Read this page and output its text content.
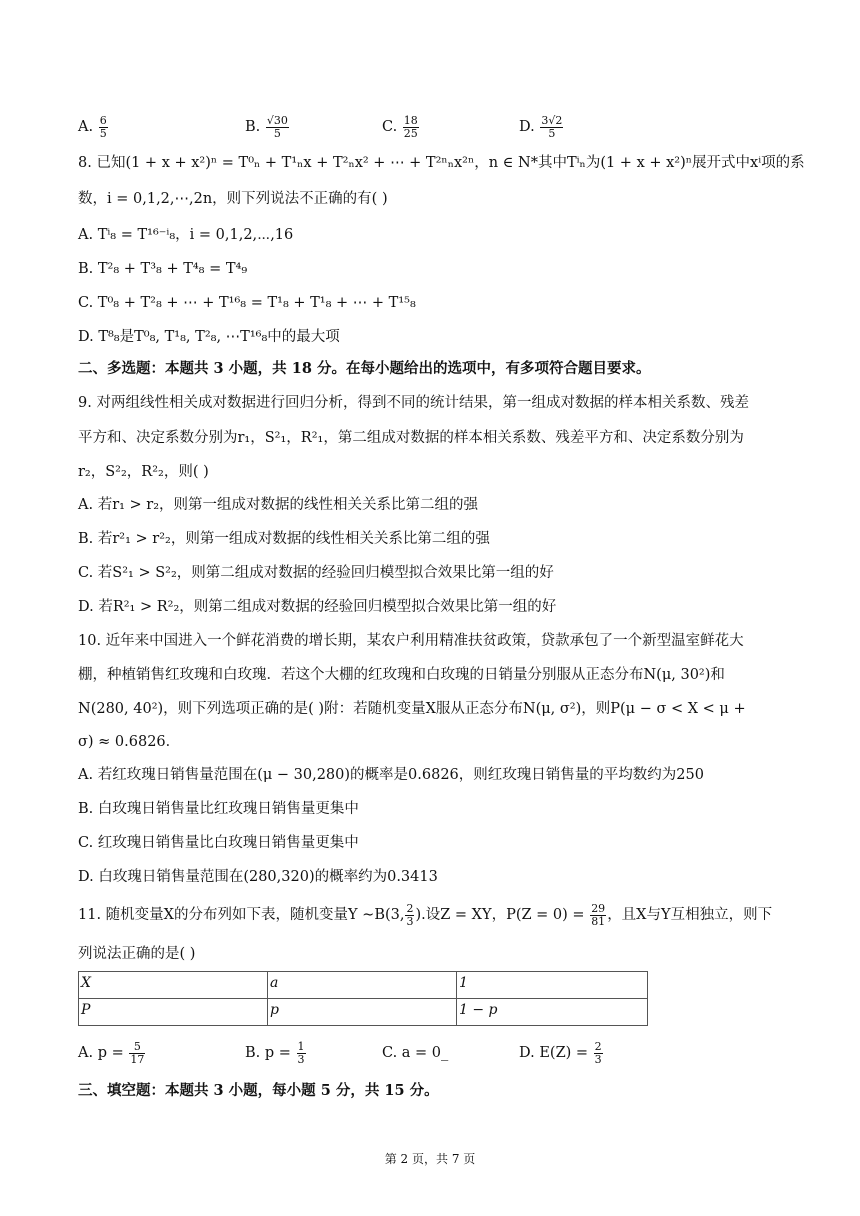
A. $\frac{6}{5}$	B. $\frac{√30}{5}$	C. $\frac{18}{25}$	D. $\frac{3√2}{5}$
8. 已知(1 + x + x²)ⁿ = T⁰ₙ + T¹ₙx + T²ₙx² + ⋯ + T²ⁿₙx²ⁿ，n ∈ N*其中Tⁱₙ为(1 + x + x²)ⁿ展开式中xⁱ项的系
数，i = 0,1,2,⋯,2n，则下列说法不正确的有( )
A. Tⁱ₈ = T¹⁶⁻ⁱ₈，i = 0,1,2,⋯,16
B. T²₈ + T³₈ + T⁴₈ = T⁴₉
C. T⁰₈ + T²₈ + ⋯ + T¹⁶₈ = T¹₈ + T¹₈ + ⋯ + T¹⁵₈
D. T⁸₈是T⁰₈, T¹₈, T²₈, ⋯T¹⁶₈中的最大项
二、多选题：本题共 3 小题，共 18 分。在每小题给出的选项中，有多项符合题目要求。
9. 对两组线性相关成对数据进行回归分析，得到不同的统计结果，第一组成对数据的样本相关系数、残差
平方和、决定系数分别为r₁，S²₁，R²₁，第二组成对数据的样本相关系数、残差平方和、决定系数分别为
r₂，S²₂，R²₂，则( )
A. 若r₁ > r₂，则第一组成对数据的线性相关关系比第二组的强
B. 若r²₁ > r²₂，则第一组成对数据的线性相关关系比第二组的强
C. 若S²₁ > S²₂，则第二组成对数据的经验回归模型拟合效果比第一组的好
D. 若R²₁ > R²₂，则第二组成对数据的经验回归模型拟合效果比第一组的好
10. 近年来中国进入一个鲜花消费的增长期，某农户利用精准扶贫政策，贷款承包了一个新型温室鲜花大
棚，种植销售红玫瑰和白玫瑰．若这个大棚的红玫瑰和白玫瑰的日销量分别服从正态分布N(μ, 30²)和
N(280, 40²)，则下列选项正确的是( )附：若随机变量X服从正态分布N(μ, σ²)，则P(μ − σ < X < μ +
σ) ≈ 0.6826．
A. 若红玫瑰日销售量范围在(μ − 30,280)的概率是0.6826，则红玫瑰日销售量的平均数约为250
B. 白玫瑰日销售量比红玫瑰日销售量更集中
C. 红玫瑰日销售量比白玫瑰日销售量更集中
D. 白玫瑰日销售量范围在(280,320)的概率约为0.3413
11. 随机变量X的分布列如下表，随机变量Y ∼B(3, $\frac{2}{3}$ ).设Z = XY，$P(Z = 0) = \frac{29}{81}$ ，且X与Y互相独立，则下
列说法正确的是( )
X	a	1
P	p	1 − p
A. $p = \frac{5}{17}$	B. $p = \frac{1}{3}$	C. a = 0_	D. $E(Z) = \frac{2}{3}$
三、填空题：本题共 3 小题，每小题 5 分，共 15 分。
第 2 页，共 7 页
